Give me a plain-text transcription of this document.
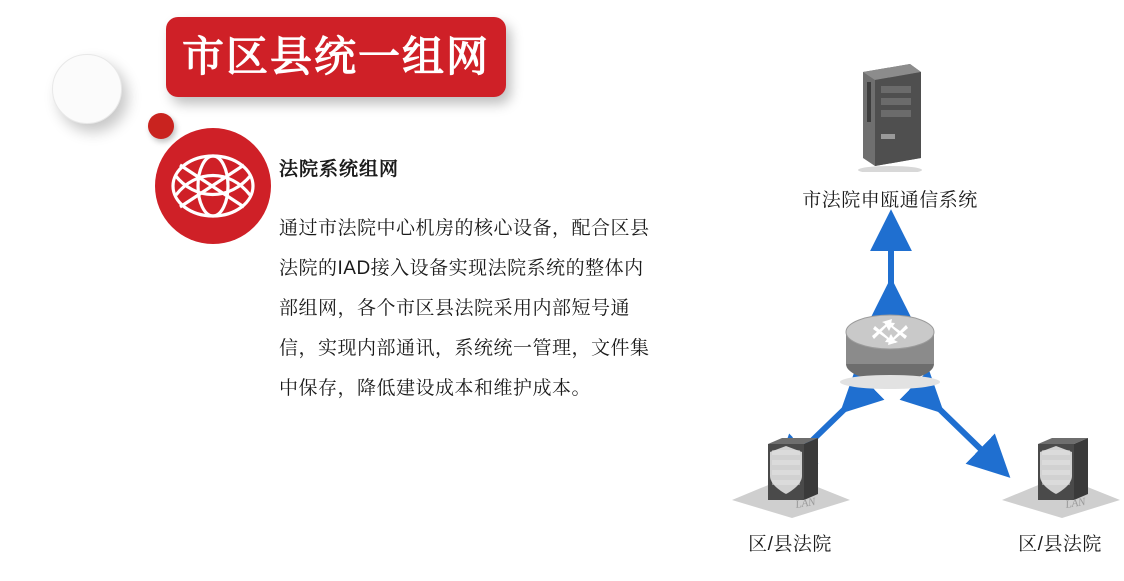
市区县统一组网
法院系统组网

通过市法院中心机房的核心设备，配合区县法院的IAD接入设备实现法院系统的整体内部组网，各个市区县法院采用内部短号通信，实现内部通讯，系统统一管理，文件集中保存，降低建设成本和维护成本。

市法院申瓯通信系统
LAN
区/县法院
LAN
区/县法院
